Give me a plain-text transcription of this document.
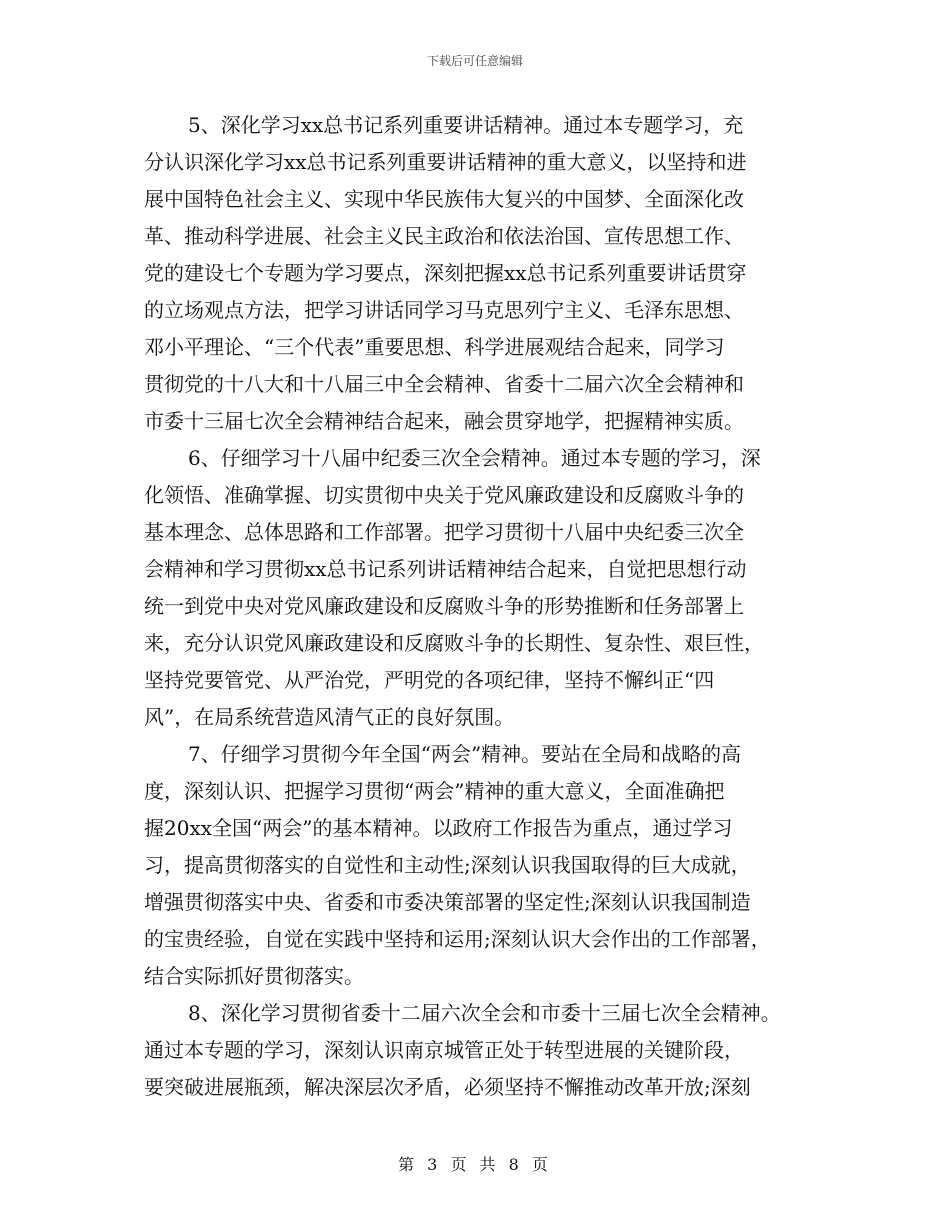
下载后可任意编辑
5、深化学习xx总书记系列重要讲话精神。通过本专题学习，充
分认识深化学习xx总书记系列重要讲话精神的重大意义，以坚持和进
展中国特色社会主义、实现中华民族伟大复兴的中国梦、全面深化改
革、推动科学进展、社会主义民主政治和依法治国、宣传思想工作、
党的建设七个专题为学习要点，深刻把握xx总书记系列重要讲话贯穿
的立场观点方法，把学习讲话同学习马克思列宁主义、毛泽东思想、
邓小平理论、“三个代表”重要思想、科学进展观结合起来，同学习
贯彻党的十八大和十八届三中全会精神、省委十二届六次全会精神和
市委十三届七次全会精神结合起来，融会贯穿地学，把握精神实质。
6、仔细学习十八届中纪委三次全会精神。通过本专题的学习，深
化领悟、准确掌握、切实贯彻中央关于党风廉政建设和反腐败斗争的
基本理念、总体思路和工作部署。把学习贯彻十八届中央纪委三次全
会精神和学习贯彻xx总书记系列讲话精神结合起来，自觉把思想行动
统一到党中央对党风廉政建设和反腐败斗争的形势推断和任务部署上
来，充分认识党风廉政建设和反腐败斗争的长期性、复杂性、艰巨性，
坚持党要管党、从严治党，严明党的各项纪律，坚持不懈纠正“四
风”，在局系统营造风清气正的良好氛围。
7、仔细学习贯彻今年全国“两会”精神。要站在全局和战略的高
度，深刻认识、把握学习贯彻“两会”精神的重大意义，全面准确把
握20xx全国“两会”的基本精神。以政府工作报告为重点，通过学习
习，提高贯彻落实的自觉性和主动性;深刻认识我国取得的巨大成就，
增强贯彻落实中央、省委和市委决策部署的坚定性;深刻认识我国制造
的宝贵经验，自觉在实践中坚持和运用;深刻认识大会作出的工作部署，
结合实际抓好贯彻落实。
8、深化学习贯彻省委十二届六次全会和市委十三届七次全会精神。
通过本专题的学习，深刻认识南京城管正处于转型进展的关键阶段，
要突破进展瓶颈，解决深层次矛盾，必须坚持不懈推动改革开放;深刻
第 3 页 共 8 页
